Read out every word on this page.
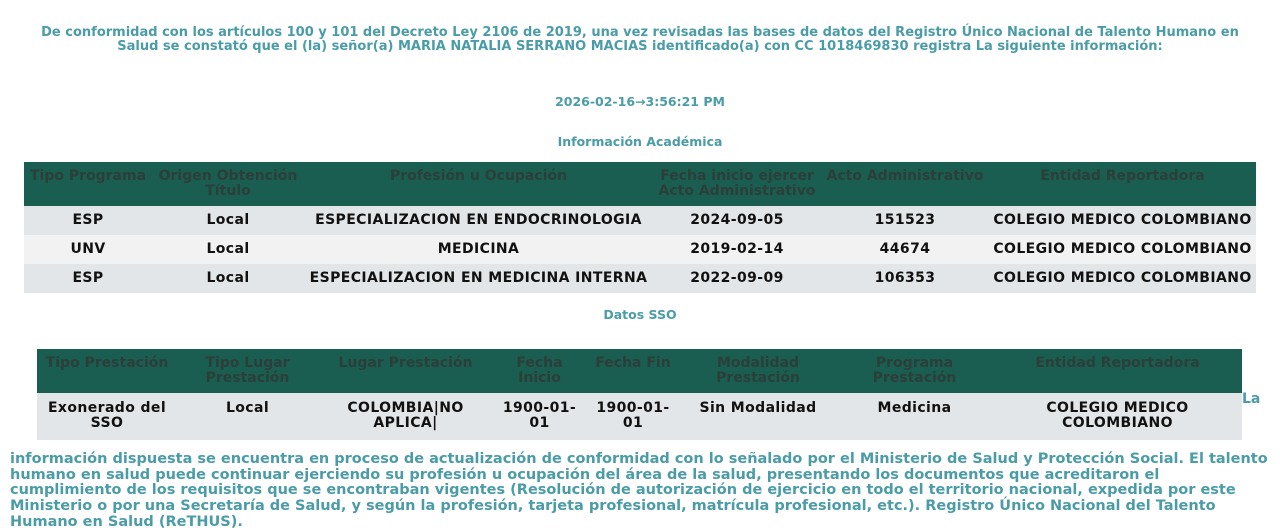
De conformidad con los artículos 100 y 101 del Decreto Ley 2106 de 2019, una vez revisadas las bases de datos del Registro Único Nacional de Talento Humano en Salud se constató que el (la) señor(a) MARIA NATALIA SERRANO MACIAS identificado(a) con CC 1018469830 registra La siguiente información:
2026-02-16→3:56:21 PM
Información Académica
Tipo Programa	Origen Obtención Título	Profesión u Ocupación	Fecha inicio ejercer Acto Administrativo	Acto Administrativo	Entidad Reportadora
ESP	Local	ESPECIALIZACION EN ENDOCRINOLOGIA	2024-09-05	151523	COLEGIO MEDICO COLOMBIANO
UNV	Local	MEDICINA	2019-02-14	44674	COLEGIO MEDICO COLOMBIANO
ESP	Local	ESPECIALIZACION EN MEDICINA INTERNA	2022-09-09	106353	COLEGIO MEDICO COLOMBIANO
Datos SSO
Tipo Prestación	Tipo Lugar Prestación	Lugar Prestación	Fecha Inicio	Fecha Fin	Modalidad Prestación	Programa Prestación	Entidad Reportadora
Exonerado del SSO	Local	COLOMBIA|NO APLICA|	1900-01-01	1900-01-01	Sin Modalidad	Medicina	COLEGIO MEDICO COLOMBIANO
La
información dispuesta se encuentra en proceso de actualización de conformidad con lo señalado por el Ministerio de Salud y Protección Social. El talento humano en salud puede continuar ejerciendo su profesión u ocupación del área de la salud, presentando los documentos que acreditaron el cumplimiento de los requisitos que se encontraban vigentes (Resolución de autorización de ejercicio en todo el territorio nacional, expedida por este Ministerio o por una Secretaría de Salud, y según la profesión, tarjeta profesional, matrícula profesional, etc.). Registro Único Nacional del Talento Humano en Salud (ReTHUS).
